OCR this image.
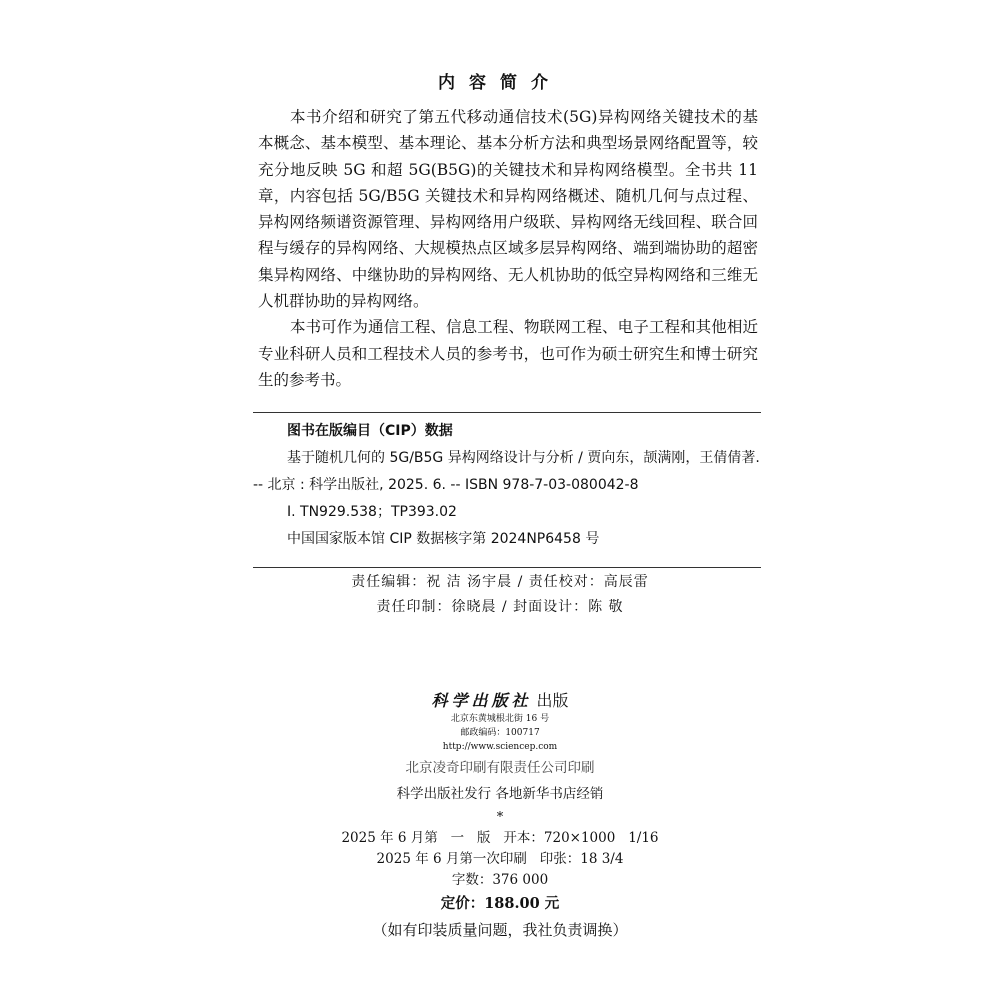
内容简介

本书介绍和研究了第五代移动通信技术(5G)异构网络关键技术的基本概念、基本模型、基本理论、基本分析方法和典型场景网络配置等，较充分地反映 5G 和超 5G(B5G)的关键技术和异构网络模型。全书共 11 章，内容包括 5G/B5G 关键技术和异构网络概述、随机几何与点过程、异构网络频谱资源管理、异构网络用户级联、异构网络无线回程、联合回程与缓存的异构网络、大规模热点区域多层异构网络、端到端协助的超密集异构网络、中继协助的异构网络、无人机协助的低空异构网络和三维无人机群协助的异构网络。

本书可作为通信工程、信息工程、物联网工程、电子工程和其他相近专业科研人员和工程技术人员的参考书，也可作为硕士研究生和博士研究生的参考书。

图书在版编目（CIP）数据
基于随机几何的 5G/B5G 异构网络设计与分析 / 贾向东，颉满刚，王倩倩著. -- 北京 : 科学出版社, 2025. 6. -- ISBN 978-7-03-080042-8
Ⅰ. TN929.538；TP393.02
中国国家版本馆 CIP 数据核字第 2024NP6458 号
责任编辑：祝 洁 汤宇晨 / 责任校对：高辰雷
责任印制：徐晓晨 / 封面设计：陈 敬
科学出版社 出版
北京东黄城根北街 16 号
邮政编码：100717
http://www.sciencep.com
北京凌奇印刷有限责任公司印刷
科学出版社发行 各地新华书店经销
*
2025 年 6 月第   一   版   开本：720×1000   1/16
2025 年 6 月第一次印刷   印张：18 3/4
字数：376 000
定价：188.00 元
（如有印装质量问题，我社负责调换）
